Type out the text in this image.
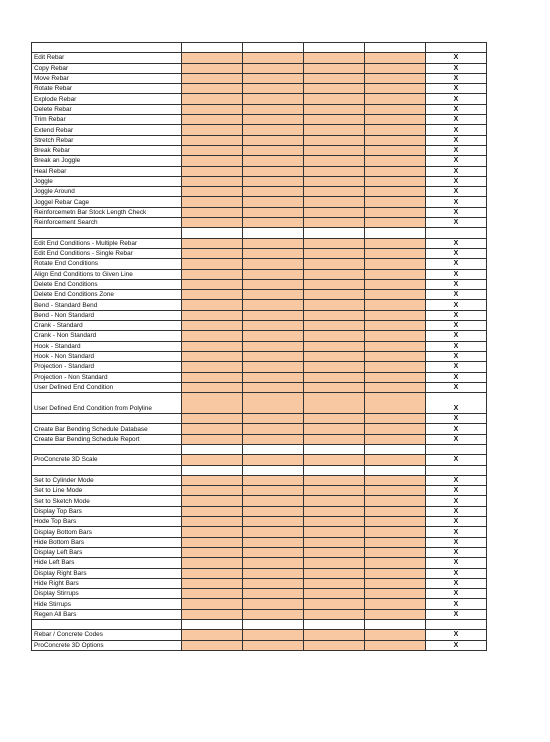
Edit Rebar					X
Copy Rebar					X
Move Rebar					X
Rotate Rebar					X
Explode Rebar					X
Delete Rebar					X
Trim Rebar					X
Extend Rebar					X
Stretch Rebar					X
Break Rebar					X
Break an Joggle					X
Heal Rebar					X
Joggle					X
Joggle Around					X
Joggel Rebar Cage					X
Reinforcemetn Bar Stock Length Check					X
Reinforcement Search					X

Edit End Conditions - Multiple Rebar					X
Edit End Conditions - Single Rebar					X
Rotate End Conditions					X
Align End Conditions to Given Line					X
Delete End Conditions					X
Delete End Conditions Zone					X
Bend - Standard Bend					X
Bend - Non Standard					X
Crank - Standard					X
Crank - Non Standard					X
Hook - Standard					X
Hook - Non Standard					X
Projection - Standard					X
Projection - Non Standard					X
User Defined End Condition					X
User Defined End Condition from Polyline					X
					X
Create Bar Bending Schedule Database					X
Create Bar Bending Schedule Report					X

ProConcrete 3D Scale					X

Set to Cylinder Mode					X
Set to Line Mode					X
Set to Sketch Mode					X
Display Top Bars					X
Hode Top Bars					X
Display Bottom Bars					X
Hide Bottom Bars					X
Display Left Bars					X
Hide Left Bars					X
Display Right Bars					X
Hide Right Bars					X
Display Stirrups					X
Hide Stirrups					X
Regen All Bars					X

Rebar / Concrete Codes					X
ProConcrete 3D Options					X
